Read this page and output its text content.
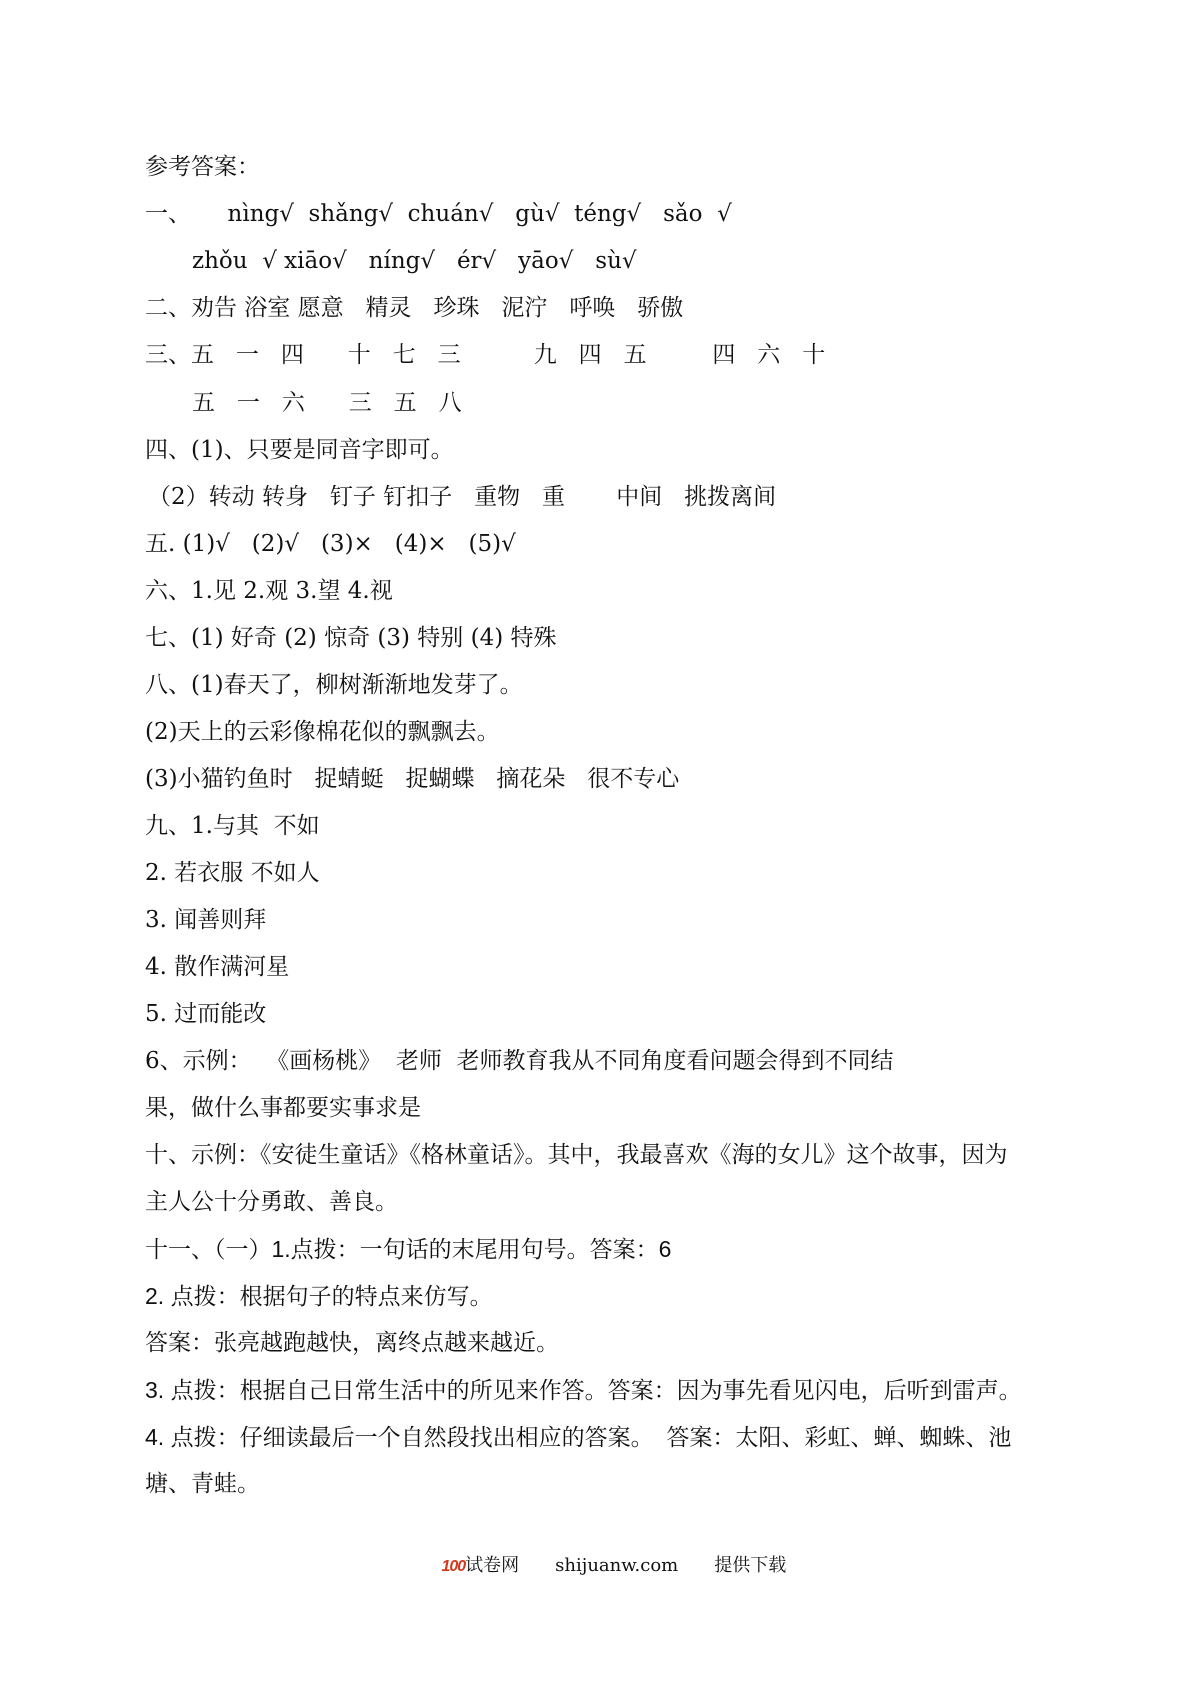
参考答案：
一、     nìng√  shǎng√  chuán√   gù√  téng√   sǎo  √
zhǒu  √ xiāo√   níng√   ér√   yāo√   sù√
二、劝告 浴室 愿意   精灵   珍珠   泥泞   呼唤   骄傲
三、五   一   四      十   七   三          九   四   五         四   六   十
五   一   六      三   五   八
四、(1)、只要是同音字即可。
（2）转动 转身   钉子 钉扣子   重物   重       中间   挑拨离间
五. (1)√   (2)√   (3)×   (4)×   (5)√
六、1.见 2.观 3.望 4.视
七、(1) 好奇 (2) 惊奇 (3) 特别 (4) 特殊
八、(1)春天了，柳树渐渐地发芽了。
(2)天上的云彩像棉花似的飘飘去。
(3)小猫钓鱼时   捉蜻蜓   捉蝴蝶   摘花朵   很不专心
九、1.与其  不如
2. 若衣服 不如人
3. 闻善则拜
4. 散作满河星
5. 过而能改
6、示例：  《画杨桃》  老师  老师教育我从不同角度看问题会得到不同结
果，做什么事都要实事求是
十、示例：《安徒生童话》《格林童话》。其中，我最喜欢《海的女儿》这个故事，因为
主人公十分勇敢、善良。
十一、（一）1.点拨：一句话的末尾用句号。答案：6
2. 点拨：根据句子的特点来仿写。
答案：张亮越跑越快，离终点越来越近。
3. 点拨：根据自己日常生活中的所见来作答。答案：因为事先看见闪电，后听到雷声。
4. 点拨：仔细读最后一个自然段找出相应的答案。  答案：太阳、彩虹、蝉、蜘蛛、池
塘、青蛙。

100试卷网 shijuanw.com 提供下载
